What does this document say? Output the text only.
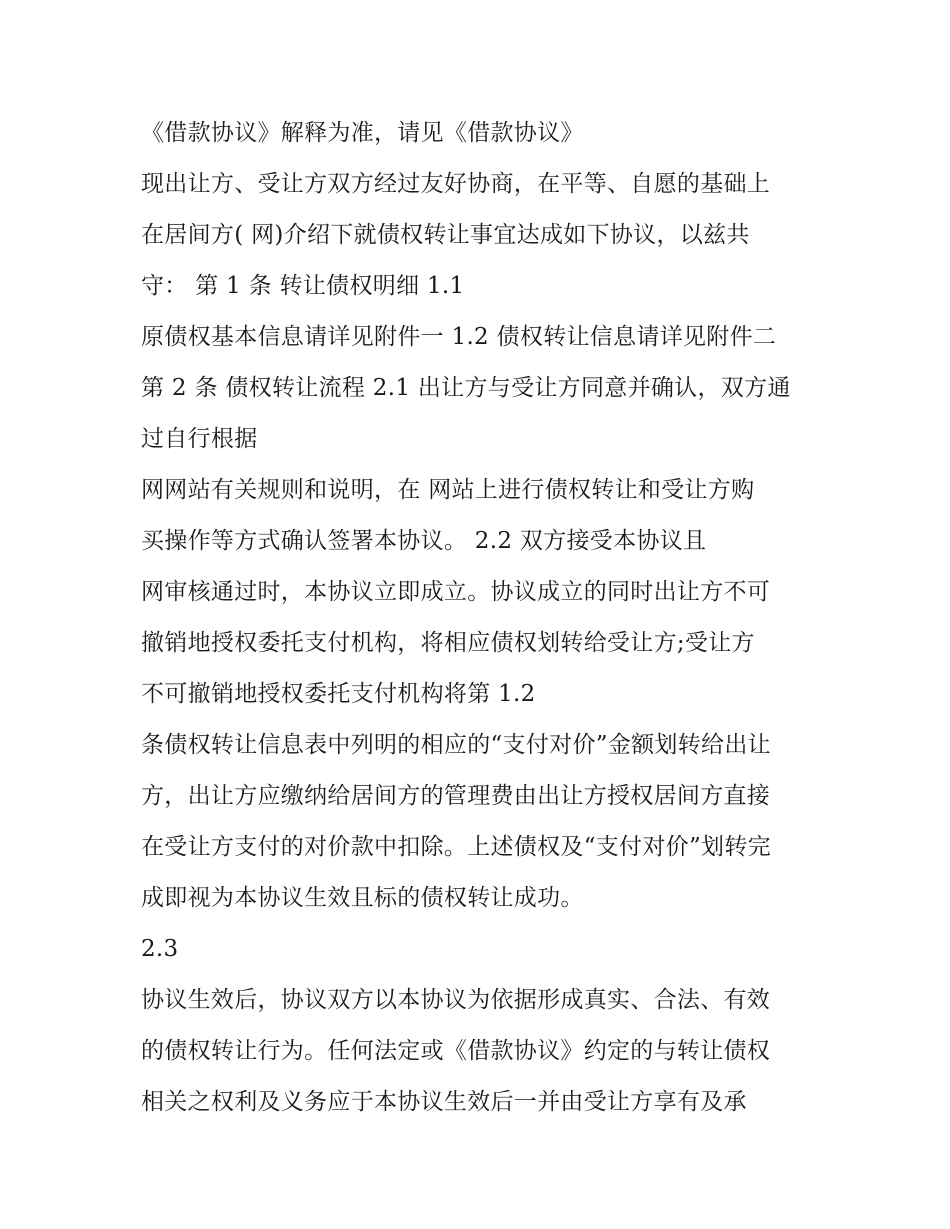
《借款协议》解释为准，请见《借款协议》
现出让方、受让方双方经过友好协商，在平等、自愿的基础上
在居间方( 网)介绍下就债权转让事宜达成如下协议，以兹共
守： 第 1 条 转让债权明细 1.1
原债权基本信息请详见附件一 1.2 债权转让信息请详见附件二
第 2 条 债权转让流程 2.1 出让方与受让方同意并确认，双方通
过自行根据
网网站有关规则和说明，在 网站上进行债权转让和受让方购
买操作等方式确认签署本协议。 2.2 双方接受本协议且
网审核通过时，本协议立即成立。协议成立的同时出让方不可
撤销地授权委托支付机构，将相应债权划转给受让方;受让方
不可撤销地授权委托支付机构将第 1.2
条债权转让信息表中列明的相应的“支付对价”金额划转给出让
方，出让方应缴纳给居间方的管理费由出让方授权居间方直接
在受让方支付的对价款中扣除。上述债权及“支付对价”划转完
成即视为本协议生效且标的债权转让成功。
2.3
协议生效后，协议双方以本协议为依据形成真实、合法、有效
的债权转让行为。任何法定或《借款协议》约定的与转让债权
相关之权利及义务应于本协议生效后一并由受让方享有及承
